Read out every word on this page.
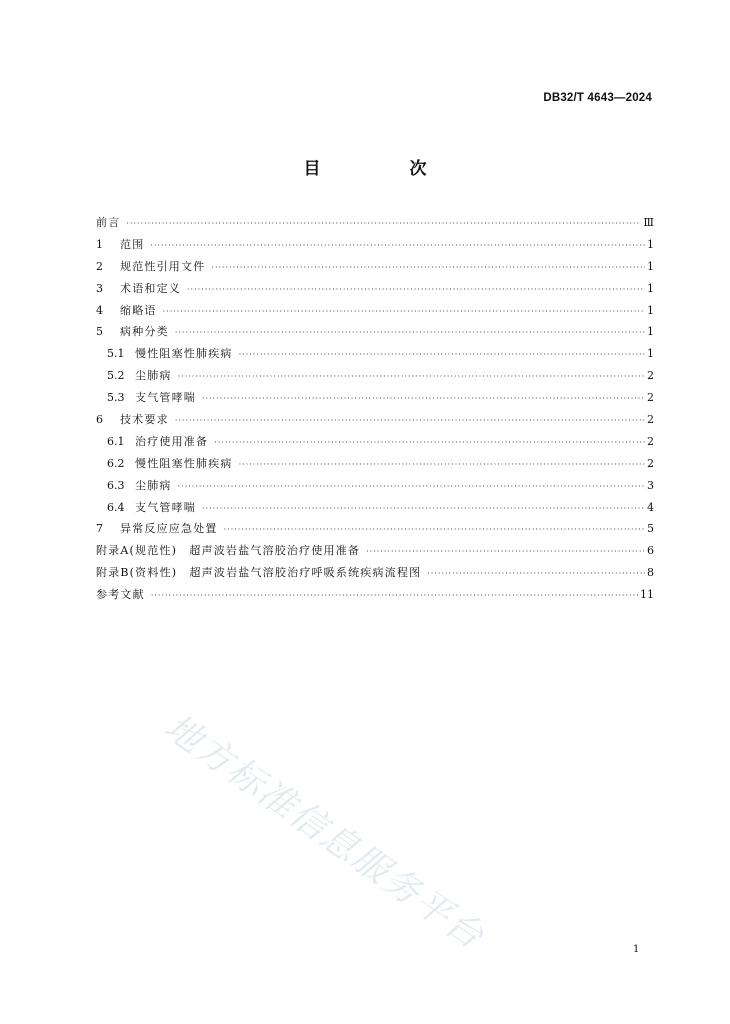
DB32/T 4643—2024
目　次
前言 ·····	Ⅲ
1	范围 ·····	1
2	规范性引用文件 ·····	1
3	术语和定义 ·····	1
4	缩略语 ·····	1
5	病种分类 ·····	1
5.1 慢性阻塞性肺疾病 ·····	1
5.2 尘肺病 ·····	2
5.3 支气管哮喘 ·····	2
6	技术要求 ·····	2
6.1 治疗使用准备 ·····	2
6.2 慢性阻塞性肺疾病 ·····	2
6.3 尘肺病 ·····	3
6.4 支气管哮喘 ·····	4
7	异常反应应急处置 ·····	5
附录A(规范性)　超声波岩盐气溶胶治疗使用准备 ·····	6
附录B(资料性)　超声波岩盐气溶胶治疗呼吸系统疾病流程图 ·····	8
参考文献 ·····	11
地方标准信息服务平台	1
